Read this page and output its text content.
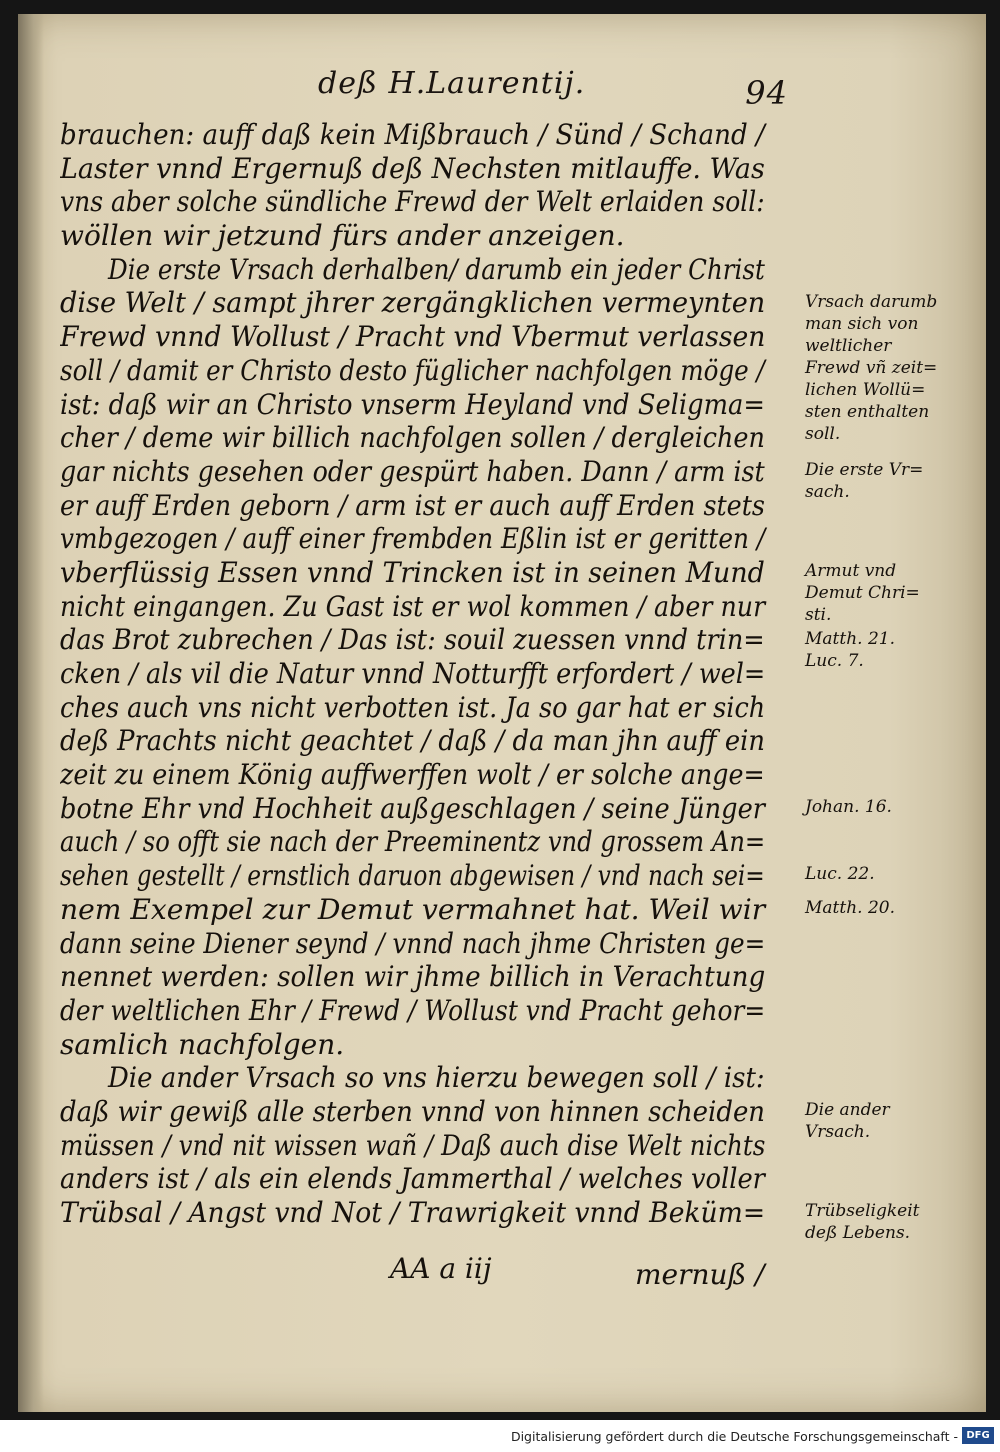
deß H.Laurentij.	94
brauchen: auff daß kein Mißbrauch / Sünd / Schand /
Laster vnnd Ergernuß deß Nechsten mitlauffe. Was
vns aber solche sündliche Frewd der Welt erlaiden soll:
wöllen wir jetzund fürs ander anzeigen.
Die erste Vrsach derhalben/ darumb ein jeder Christ
dise Welt / sampt jhrer zergängklichen vermeynten
Frewd vnnd Wollust / Pracht vnd Vbermut verlassen
soll / damit er Christo desto füglicher nachfolgen möge /
ist: daß wir an Christo vnserm Heyland vnd Seligma=
cher / deme wir billich nachfolgen sollen / dergleichen
gar nichts gesehen oder gespürt haben. Dann / arm ist
er auff Erden geborn / arm ist er auch auff Erden stets
vmbgezogen / auff einer frembden Eßlin ist er geritten /
vberflüssig Essen vnnd Trincken ist in seinen Mund
nicht eingangen. Zu Gast ist er wol kommen / aber nur
das Brot zubrechen / Das ist: souil zuessen vnnd trin=
cken / als vil die Natur vnnd Notturfft erfordert / wel=
ches auch vns nicht verbotten ist. Ja so gar hat er sich
deß Prachts nicht geachtet / daß / da man jhn auff ein
zeit zu einem König auffwerffen wolt / er solche ange=
botne Ehr vnd Hochheit außgeschlagen / seine Jünger
auch / so offt sie nach der Preeminentz vnd grossem An=
sehen gestellt / ernstlich daruon abgewisen / vnd nach sei=
nem Exempel zur Demut vermahnet hat. Weil wir
dann seine Diener seynd / vnnd nach jhme Christen ge=
nennet werden: sollen wir jhme billich in Verachtung
der weltlichen Ehr / Frewd / Wollust vnd Pracht gehor=
samlich nachfolgen.
Die ander Vrsach so vns hierzu bewegen soll / ist:
daß wir gewiß alle sterben vnnd von hinnen scheiden
müssen / vnd nit wissen wañ / Daß auch dise Welt nichts
anders ist / als ein elends Jammerthal / welches voller
Trübsal / Angst vnd Not / Trawrigkeit vnnd Beküm=
Vrsach darumb
man sich von
weltlicher
Frewd vñ zeit=
lichen Wollü=
sten enthalten
soll.
Die erste Vr=
sach.
Armut vnd
Demut Chri=
sti.
Matth. 21.
Luc. 7.
Johan. 16.
Luc. 22.
Matth. 20.
Die ander
Vrsach.
Trübseligkeit
deß Lebens.
AA a iij	mernuß /
Digitalisierung gefördert durch die Deutsche Forschungsgemeinschaft - DFG
